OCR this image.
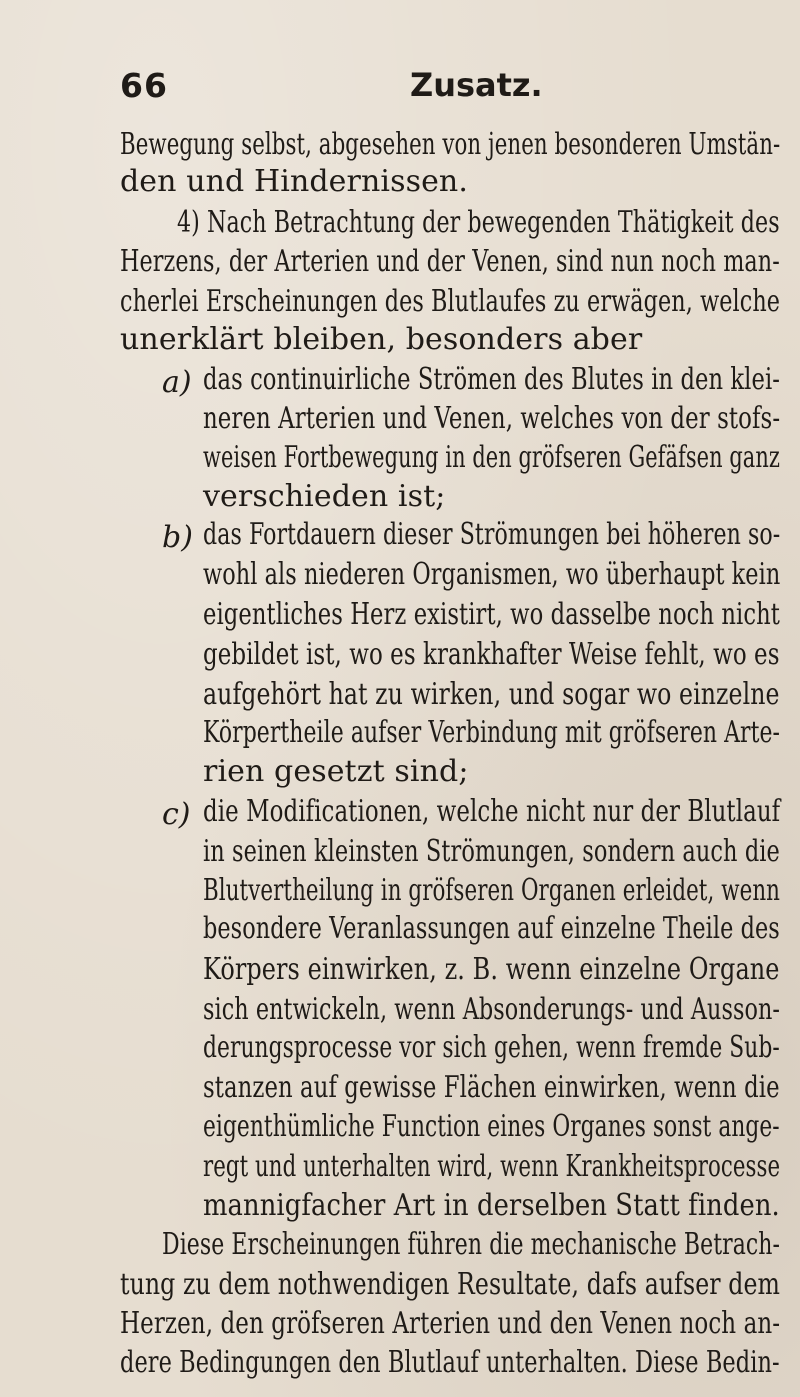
66	Zusatz.
Bewegung selbst, abgesehen von jenen besonderen Umstän-
den und Hindernissen.
4) Nach Betrachtung der bewegenden Thätigkeit des
Herzens, der Arterien und der Venen, sind nun noch man-
cherlei Erscheinungen des Blutlaufes zu erwägen, welche
unerklärt bleiben, besonders aber
a) das continuirliche Strömen des Blutes in den klei-
neren Arterien und Venen, welches von der stofs-
weisen Fortbewegung in den gröfseren Gefäfsen ganz
verschieden ist;
b) das Fortdauern dieser Strömungen bei höheren so-
wohl als niederen Organismen, wo überhaupt kein
eigentliches Herz existirt, wo dasselbe noch nicht
gebildet ist, wo es krankhafter Weise fehlt, wo es
aufgehört hat zu wirken, und sogar wo einzelne
Körpertheile aufser Verbindung mit gröfseren Arte-
rien gesetzt sind;
c) die Modificationen, welche nicht nur der Blutlauf
in seinen kleinsten Strömungen, sondern auch die
Blutvertheilung in gröfseren Organen erleidet, wenn
besondere Veranlassungen auf einzelne Theile des
Körpers einwirken, z. B. wenn einzelne Organe
sich entwickeln, wenn Absonderungs- und Ausson-
derungsprocesse vor sich gehen, wenn fremde Sub-
stanzen auf gewisse Flächen einwirken, wenn die
eigenthümliche Function eines Organes sonst ange-
regt und unterhalten wird, wenn Krankheitsprocesse
mannigfacher Art in derselben Statt finden.
Diese Erscheinungen führen die mechanische Betrach-
tung zu dem nothwendigen Resultate, dafs aufser dem
Herzen, den gröfseren Arterien und den Venen noch an-
dere Bedingungen den Blutlauf unterhalten. Diese Bedin-
